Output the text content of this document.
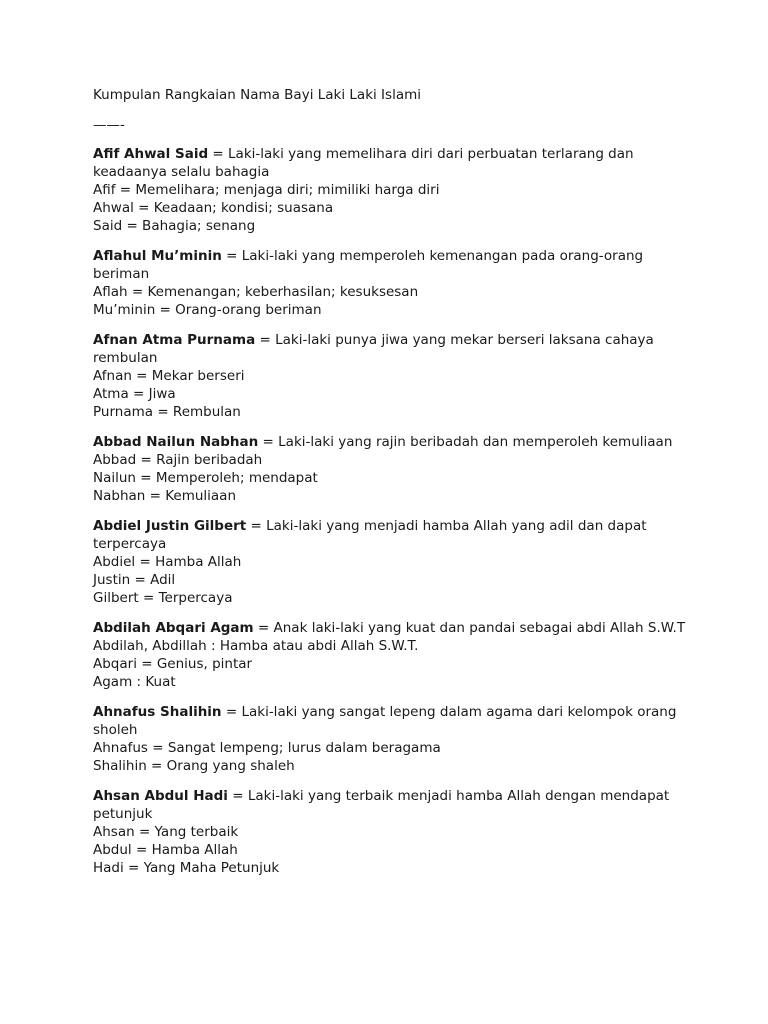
Kumpulan Rangkaian Nama Bayi Laki Laki Islami
——-

Afif Ahwal Said = Laki-laki yang memelihara diri dari perbuatan terlarang dan keadaanya selalu bahagia

Afif = Memelihara; menjaga diri; mimiliki harga diri
Ahwal = Keadaan; kondisi; suasana
Said = Bahagia; senang

Aflahul Mu’minin = Laki-laki yang memperoleh kemenangan pada orang-orang beriman

Aflah = Kemenangan; keberhasilan; kesuksesan
Mu’minin = Orang-orang beriman

Afnan Atma Purnama = Laki-laki punya jiwa yang mekar berseri laksana cahaya rembulan

Afnan = Mekar berseri
Atma = Jiwa
Purnama = Rembulan

Abbad Nailun Nabhan = Laki-laki yang rajin beribadah dan memperoleh kemuliaan

Abbad = Rajin beribadah
Nailun = Memperoleh; mendapat
Nabhan = Kemuliaan

Abdiel Justin Gilbert = Laki-laki yang menjadi hamba Allah yang adil dan dapat terpercaya

Abdiel = Hamba Allah
Justin = Adil
Gilbert = Terpercaya

Abdilah Abqari Agam = Anak laki-laki yang kuat dan pandai sebagai abdi Allah S.W.T

Abdilah, Abdillah : Hamba atau abdi Allah S.W.T.
Abqari = Genius, pintar
Agam : Kuat

Ahnafus Shalihin = Laki-laki yang sangat lepeng dalam agama dari kelompok orang sholeh

Ahnafus = Sangat lempeng; lurus dalam beragama
Shalihin = Orang yang shaleh

Ahsan Abdul Hadi = Laki-laki yang terbaik menjadi hamba Allah dengan mendapat petunjuk

Ahsan = Yang terbaik
Abdul = Hamba Allah
Hadi = Yang Maha Petunjuk
